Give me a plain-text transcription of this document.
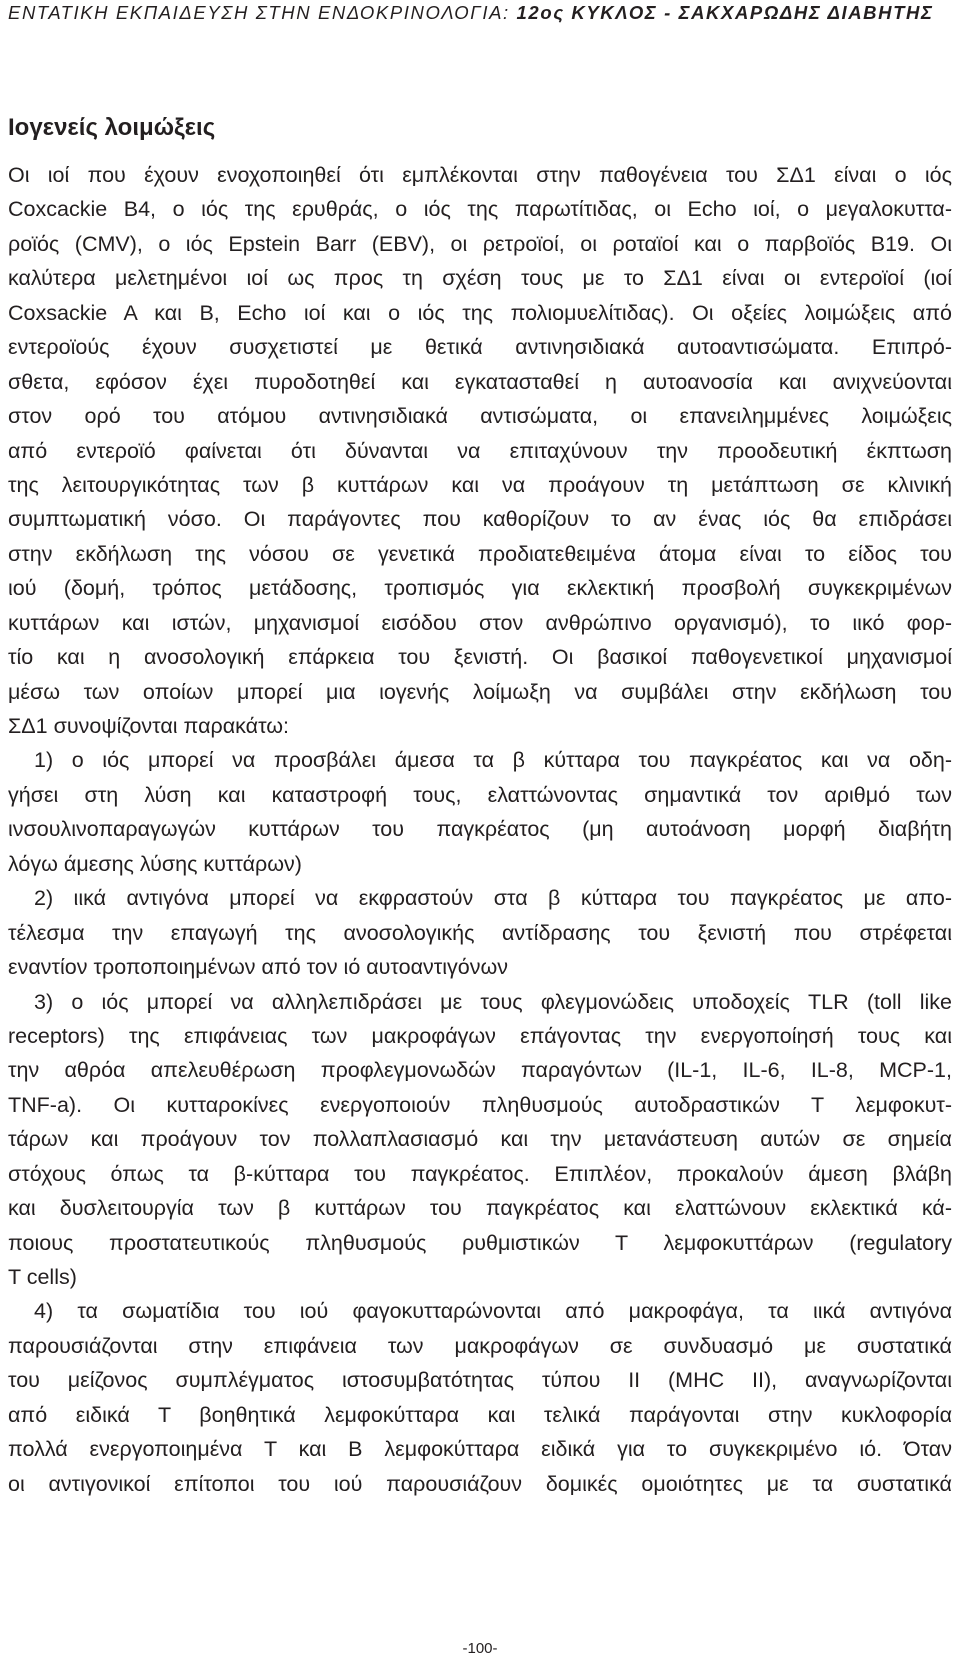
ΕΝΤΑΤΙΚΗ ΕΚΠΑΙΔΕΥΣΗ ΣΤΗΝ ΕΝΔΟΚΡΙΝΟΛΟΓΙΑ: 12ος ΚΥΚΛΟΣ - ΣΑΚΧΑΡΩΔΗΣ ΔΙΑΒΗΤΗΣ
Ιογενείς λοιμώξεις
Οι ιοί που έχουν ενοχοποιηθεί ότι εμπλέκονται στην παθογένεια του ΣΔ1 είναι ο ιός
Coxcackie B4, ο ιός της ερυθράς, ο ιός της παρωτίτιδας, οι Echo ιοί, ο μεγαλοκυττα-
ροϊός (CMV), ο ιός Epstein Barr (EBV), οι ρετροϊοί, οι ροταϊοί και ο παρβοϊός B19. Οι
καλύτερα μελετημένοι ιοί ως προς τη σχέση τους με το ΣΔ1 είναι οι εντεροϊοί (ιοί
Coxsackie A και B, Echo ιοί και ο ιός της πολιομυελίτιδας). Οι οξείες λοιμώξεις από
εντεροϊούς έχουν συσχετιστεί με θετικά αντινησιδιακά αυτοαντισώματα. Επιπρό-
σθετα, εφόσον έχει πυροδοτηθεί και εγκατασταθεί η αυτοανοσία και ανιχνεύονται
στον ορό του ατόμου αντινησιδιακά αντισώματα, οι επανειλημμένες λοιμώξεις
από εντεροϊό φαίνεται ότι δύνανται να επιταχύνουν την προοδευτική έκπτωση
της λειτουργικότητας των β κυττάρων και να προάγουν τη μετάπτωση σε κλινική
συμπτωματική νόσο. Οι παράγοντες που καθορίζουν το αν ένας ιός θα επιδράσει
στην εκδήλωση της νόσου σε γενετικά προδιατεθειμένα άτομα είναι το είδος του
ιού (δομή, τρόπος μετάδοσης, τροπισμός για εκλεκτική προσβολή συγκεκριμένων
κυττάρων και ιστών, μηχανισμοί εισόδου στον ανθρώπινο οργανισμό), το ιικό φορ-
τίο και η ανοσολογική επάρκεια του ξενιστή. Οι βασικοί παθογενετικοί μηχανισμοί
μέσω των οποίων μπορεί μια ιογενής λοίμωξη να συμβάλει στην εκδήλωση του
ΣΔ1 συνοψίζονται παρακάτω:
1) ο ιός μπορεί να προσβάλει άμεσα τα β κύτταρα του παγκρέατος και να οδη-
γήσει στη λύση και καταστροφή τους, ελαττώνοντας σημαντικά τον αριθμό των
ινσουλινοπαραγωγών κυττάρων του παγκρέατος (μη αυτοάνοση μορφή διαβήτη
λόγω άμεσης λύσης κυττάρων)
2) ιικά αντιγόνα μπορεί να εκφραστούν στα β κύτταρα του παγκρέατος με απο-
τέλεσμα την επαγωγή της ανοσολογικής αντίδρασης του ξενιστή που στρέφεται
εναντίον τροποποιημένων από τον ιό αυτοαντιγόνων
3) ο ιός μπορεί να αλληλεπιδράσει με τους φλεγμονώδεις υποδοχείς TLR (toll like
receptors) της επιφάνειας των μακροφάγων επάγοντας την ενεργοποίησή τους και
την αθρόα απελευθέρωση προφλεγμονωδών παραγόντων (IL-1, IL-6, IL-8, MCP-1,
TNF-a). Οι κυτταροκίνες ενεργοποιούν πληθυσμούς αυτοδραστικών Τ λεμφοκυτ-
τάρων και προάγουν τον πολλαπλασιασμό και την μετανάστευση αυτών σε σημεία
στόχους όπως τα β-κύτταρα του παγκρέατος. Επιπλέον, προκαλούν άμεση βλάβη
και δυσλειτουργία των β κυττάρων του παγκρέατος και ελαττώνουν εκλεκτικά κά-
ποιους προστατευτικούς πληθυσμούς ρυθμιστικών Τ λεμφοκυττάρων (regulatory
T cells)
4) τα σωματίδια του ιού φαγοκυτταρώνονται από μακροφάγα, τα ιικά αντιγόνα
παρουσιάζονται στην επιφάνεια των μακροφάγων σε συνδυασμό με συστατικά
του μείζονος συμπλέγματος ιστοσυμβατότητας τύπου ΙΙ (MHC II), αναγνωρίζονται
από ειδικά Τ βοηθητικά λεμφοκύτταρα και τελικά παράγονται στην κυκλοφορία
πολλά ενεργοποιημένα Τ και Β λεμφοκύτταρα ειδικά για το συγκεκριμένο ιό. Όταν
οι αντιγονικοί επίτοποι του ιού παρουσιάζουν δομικές ομοιότητες με τα συστατικά
-100-
